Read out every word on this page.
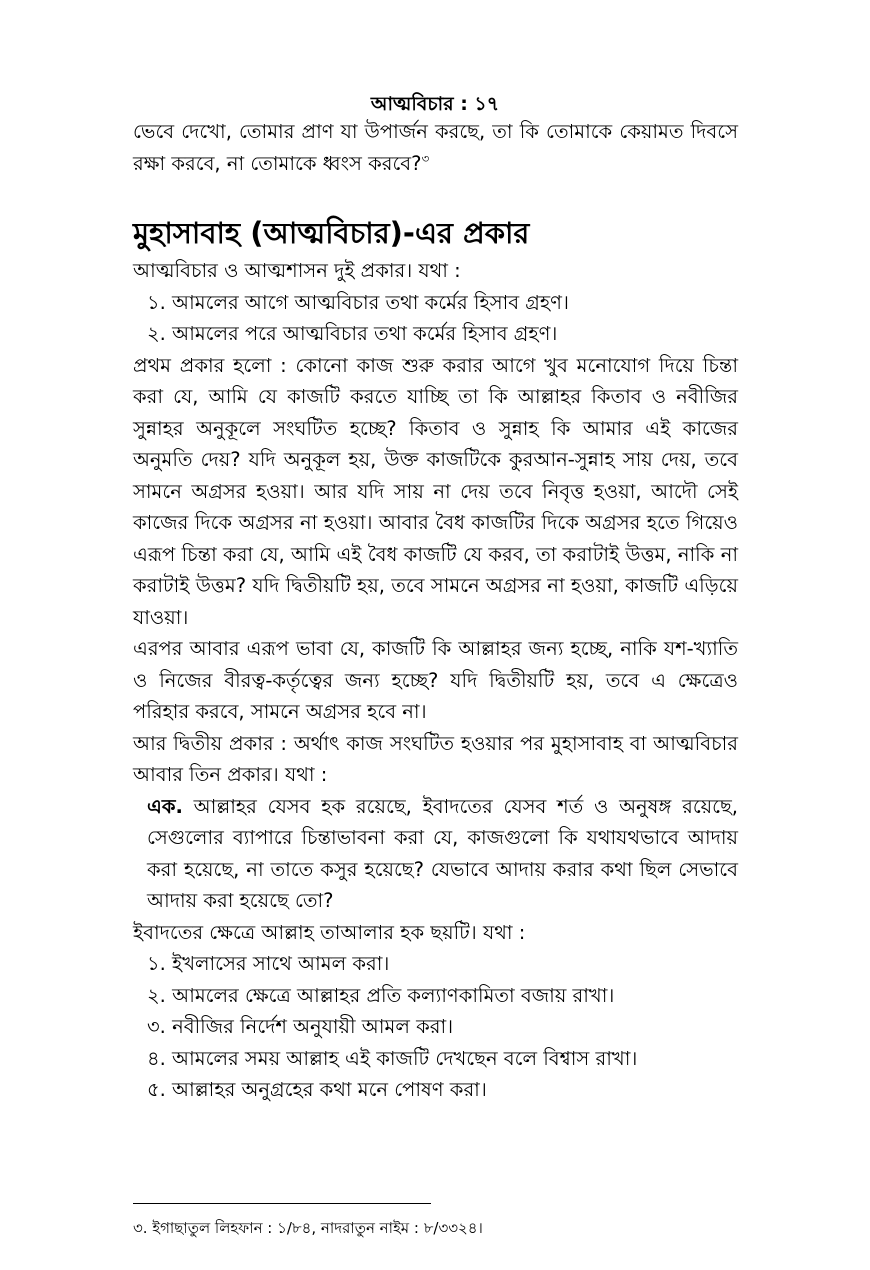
আত্মবিচার : ১৭

ভেবে দেখো, তোমার প্রাণ যা উপার্জন করছে, তা কি তোমাকে কেয়ামত দিবসে রক্ষা করবে, না তোমাকে ধ্বংস করবে?$^৩$

মুহাসাবাহ (আত্মবিচার)-এর প্রকার

আত্মবিচার ও আত্মশাসন দুই প্রকার। যথা :

১. আমলের আগে আত্মবিচার তথা কর্মের হিসাব গ্রহণ।

২. আমলের পরে আত্মবিচার তথা কর্মের হিসাব গ্রহণ।

প্রথম প্রকার হলো : কোনো কাজ শুরু করার আগে খুব মনোযোগ দিয়ে চিন্তা করা যে, আমি যে কাজটি করতে যাচ্ছি তা কি আল্লাহর কিতাব ও নবীজির সুন্নাহর অনুকূলে সংঘটিত হচ্ছে? কিতাব ও সুন্নাহ কি আমার এই কাজের অনুমতি দেয়? যদি অনুকূল হয়, উক্ত কাজটিকে কুরআন-সুন্নাহ সায় দেয়, তবে সামনে অগ্রসর হওয়া। আর যদি সায় না দেয় তবে নিবৃত্ত হওয়া, আদৌ সেই কাজের দিকে অগ্রসর না হওয়া। আবার বৈধ কাজটির দিকে অগ্রসর হতে গিয়েও এরূপ চিন্তা করা যে, আমি এই বৈধ কাজটি যে করব, তা করাটাই উত্তম, নাকি না করাটাই উত্তম? যদি দ্বিতীয়টি হয়, তবে সামনে অগ্রসর না হওয়া, কাজটি এড়িয়ে যাওয়া।

এরপর আবার এরূপ ভাবা যে, কাজটি কি আল্লাহর জন্য হচ্ছে, নাকি যশ-খ্যাতি ও নিজের বীরত্ব-কর্তৃত্বের জন্য হচ্ছে? যদি দ্বিতীয়টি হয়, তবে এ ক্ষেত্রেও পরিহার করবে, সামনে অগ্রসর হবে না।

আর দ্বিতীয় প্রকার : অর্থাৎ কাজ সংঘটিত হওয়ার পর মুহাসাবাহ বা আত্মবিচার আবার তিন প্রকার। যথা :

এক. আল্লাহর যেসব হক রয়েছে, ইবাদতের যেসব শর্ত ও অনুষঙ্গ রয়েছে, সেগুলোর ব্যাপারে চিন্তাভাবনা করা যে, কাজগুলো কি যথাযথভাবে আদায় করা হয়েছে, না তাতে কসুর হয়েছে? যেভাবে আদায় করার কথা ছিল সেভাবে আদায় করা হয়েছে তো?

ইবাদতের ক্ষেত্রে আল্লাহ তাআলার হক ছয়টি। যথা :

১. ইখলাসের সাথে আমল করা।

২. আমলের ক্ষেত্রে আল্লাহর প্রতি কল্যাণকামিতা বজায় রাখা।

৩. নবীজির নির্দেশ অনুযায়ী আমল করা।

৪. আমলের সময় আল্লাহ এই কাজটি দেখছেন বলে বিশ্বাস রাখা।

৫. আল্লাহর অনুগ্রহের কথা মনে পোষণ করা।

৩. ইগাছাতুল লিহফান : ১/৮৪, নাদরাতুন নাইম : ৮/৩৩২৪।
